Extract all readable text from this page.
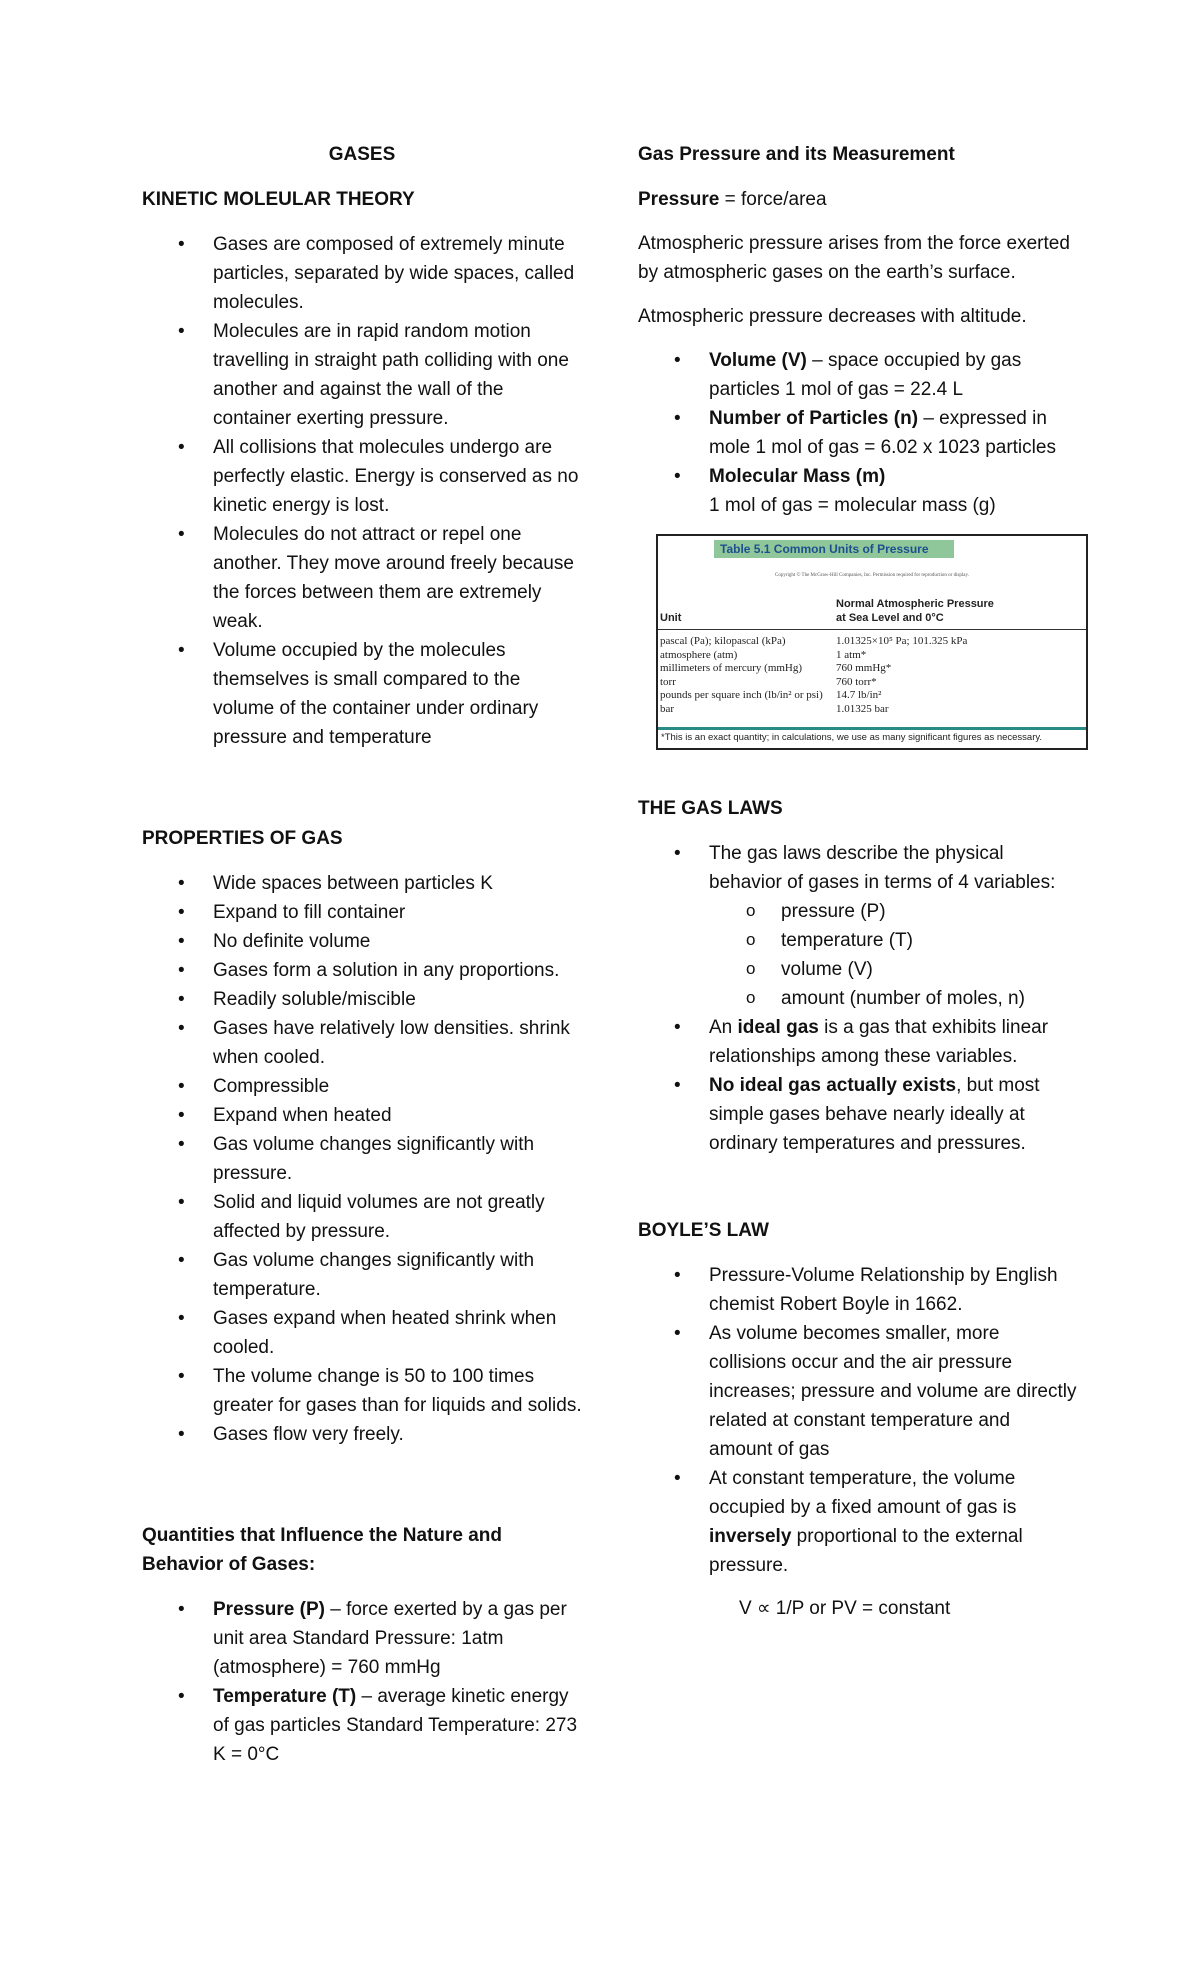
GASES
KINETIC MOLEULAR THEORY
• Gases are composed of extremely minute particles, separated by wide spaces, called molecules.
• Molecules are in rapid random motion travelling in straight path colliding with one another and against the wall of the container exerting pressure.
• All collisions that molecules undergo are perfectly elastic. Energy is conserved as no kinetic energy is lost.
• Molecules do not attract or repel one another. They move around freely because the forces between them are extremely weak.
• Volume occupied by the molecules themselves is small compared to the volume of the container under ordinary pressure and temperature
PROPERTIES OF GAS
• Wide spaces between particles K
• Expand to fill container
• No definite volume
• Gases form a solution in any proportions.
• Readily soluble/miscible
• Gases have relatively low densities. shrink when cooled.
• Compressible
• Expand when heated
• Gas volume changes significantly with pressure.
• Solid and liquid volumes are not greatly affected by pressure.
• Gas volume changes significantly with temperature.
• Gases expand when heated shrink when cooled.
• The volume change is 50 to 100 times greater for gases than for liquids and solids.
• Gases flow very freely.
Quantities that Influence the Nature and Behavior of Gases:
• Pressure (P) – force exerted by a gas per unit area Standard Pressure: 1atm (atmosphere) = 760 mmHg
• Temperature (T) – average kinetic energy of gas particles Standard Temperature: 273 K = 0°C
Gas Pressure and its Measurement

Pressure = force/area

Atmospheric pressure arises from the force exerted by atmospheric gases on the earth’s surface.

Atmospheric pressure decreases with altitude.

• Volume (V) – space occupied by gas particles 1 mol of gas = 22.4 L
• Number of Particles (n) – expressed in mole 1 mol of gas = 6.02 x 1023 particles
• Molecular Mass (m)
1 mol of gas = molecular mass (g)
Table 5.1 Common Units of Pressure
Copyright © The McGraw-Hill Companies, Inc. Permission required for reproduction or display.
Normal Atmospheric Pressure
at Sea Level and 0°C
Unit
pascal (Pa); kilopascal (kPa)
atmosphere (atm)
millimeters of mercury (mmHg)
torr
pounds per square inch (lb/in² or psi)
bar
1.01325×10⁵ Pa; 101.325 kPa
1 atm*
760 mmHg*
760 torr*
14.7 lb/in²
1.01325 bar
*This is an exact quantity; in calculations, we use as many significant figures as necessary.
THE GAS LAWS
• The gas laws describe the physical behavior of gases in terms of 4 variables:
o pressure (P)
o temperature (T)
o volume (V)
o amount (number of moles, n)
• An ideal gas is a gas that exhibits linear relationships among these variables.
• No ideal gas actually exists, but most simple gases behave nearly ideally at ordinary temperatures and pressures.
BOYLE’S LAW
• Pressure-Volume Relationship by English chemist Robert Boyle in 1662.
• As volume becomes smaller, more collisions occur and the air pressure increases; pressure and volume are directly related at constant temperature and amount of gas
• At constant temperature, the volume occupied by a fixed amount of gas is inversely proportional to the external pressure.
V ∝ 1/P or PV = constant
